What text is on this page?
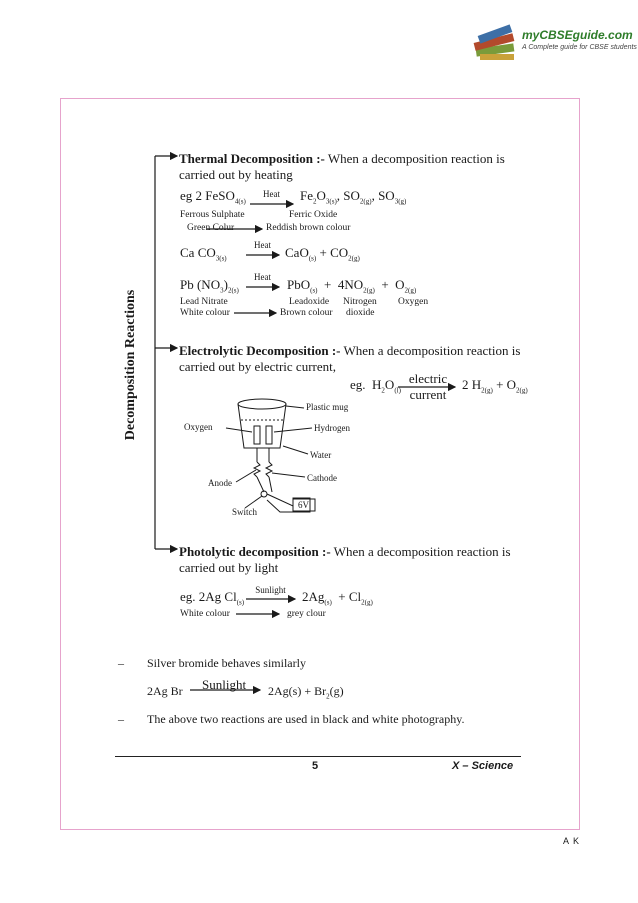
myCBSEguide.com
A Complete guide for CBSE students
Decomposition Reactions
Thermal Decomposition :- When a decomposition reaction is
carried out by heating
eg 2 FeSO$_{4(s)}$
Heat	$Fe_2O_{3(s)}$, $SO_{2(g)}$, $SO_{3(g)}$
Ferrous Sulphate	Ferric Oxide
Green Colur	Reddish brown colour
Ca $CO_{3(s)}$
Heat	$CaO_{(s)} + CO_{2(g)}$
Pb $(NO_3)_{2(s)}$
Heat	$PbO_{(s)} + 4NO_{2(g)} + O_{2(g)}$
Lead Nitrate	Leadoxide Nitrogen Oxygen
White colour	Brown colour dioxide
Electrolytic Decomposition :- When a decomposition reaction is
carried out by electric current,
eg. $H_2O_{(l)}$
electric
current
2 $H_{2(g)} + O_{2(g)}$
Plastic mug
Oxygen	Hydrogen
Water
Cathode
Anode
Switch
6V
Photolytic decomposition :- When a decomposition reaction is
carried out by light
eg. 2Ag $Cl_{(s)}$
Sunlight	$2Ag_{(s)} + Cl_{2(g)}$
White colour	grey clour
– Silver bromide behaves similarly
2Ag Br Sunlight $2Ag(s) + Br_2(g)$
– The above two reactions are used in black and white photography.
5	X – Science
A K
